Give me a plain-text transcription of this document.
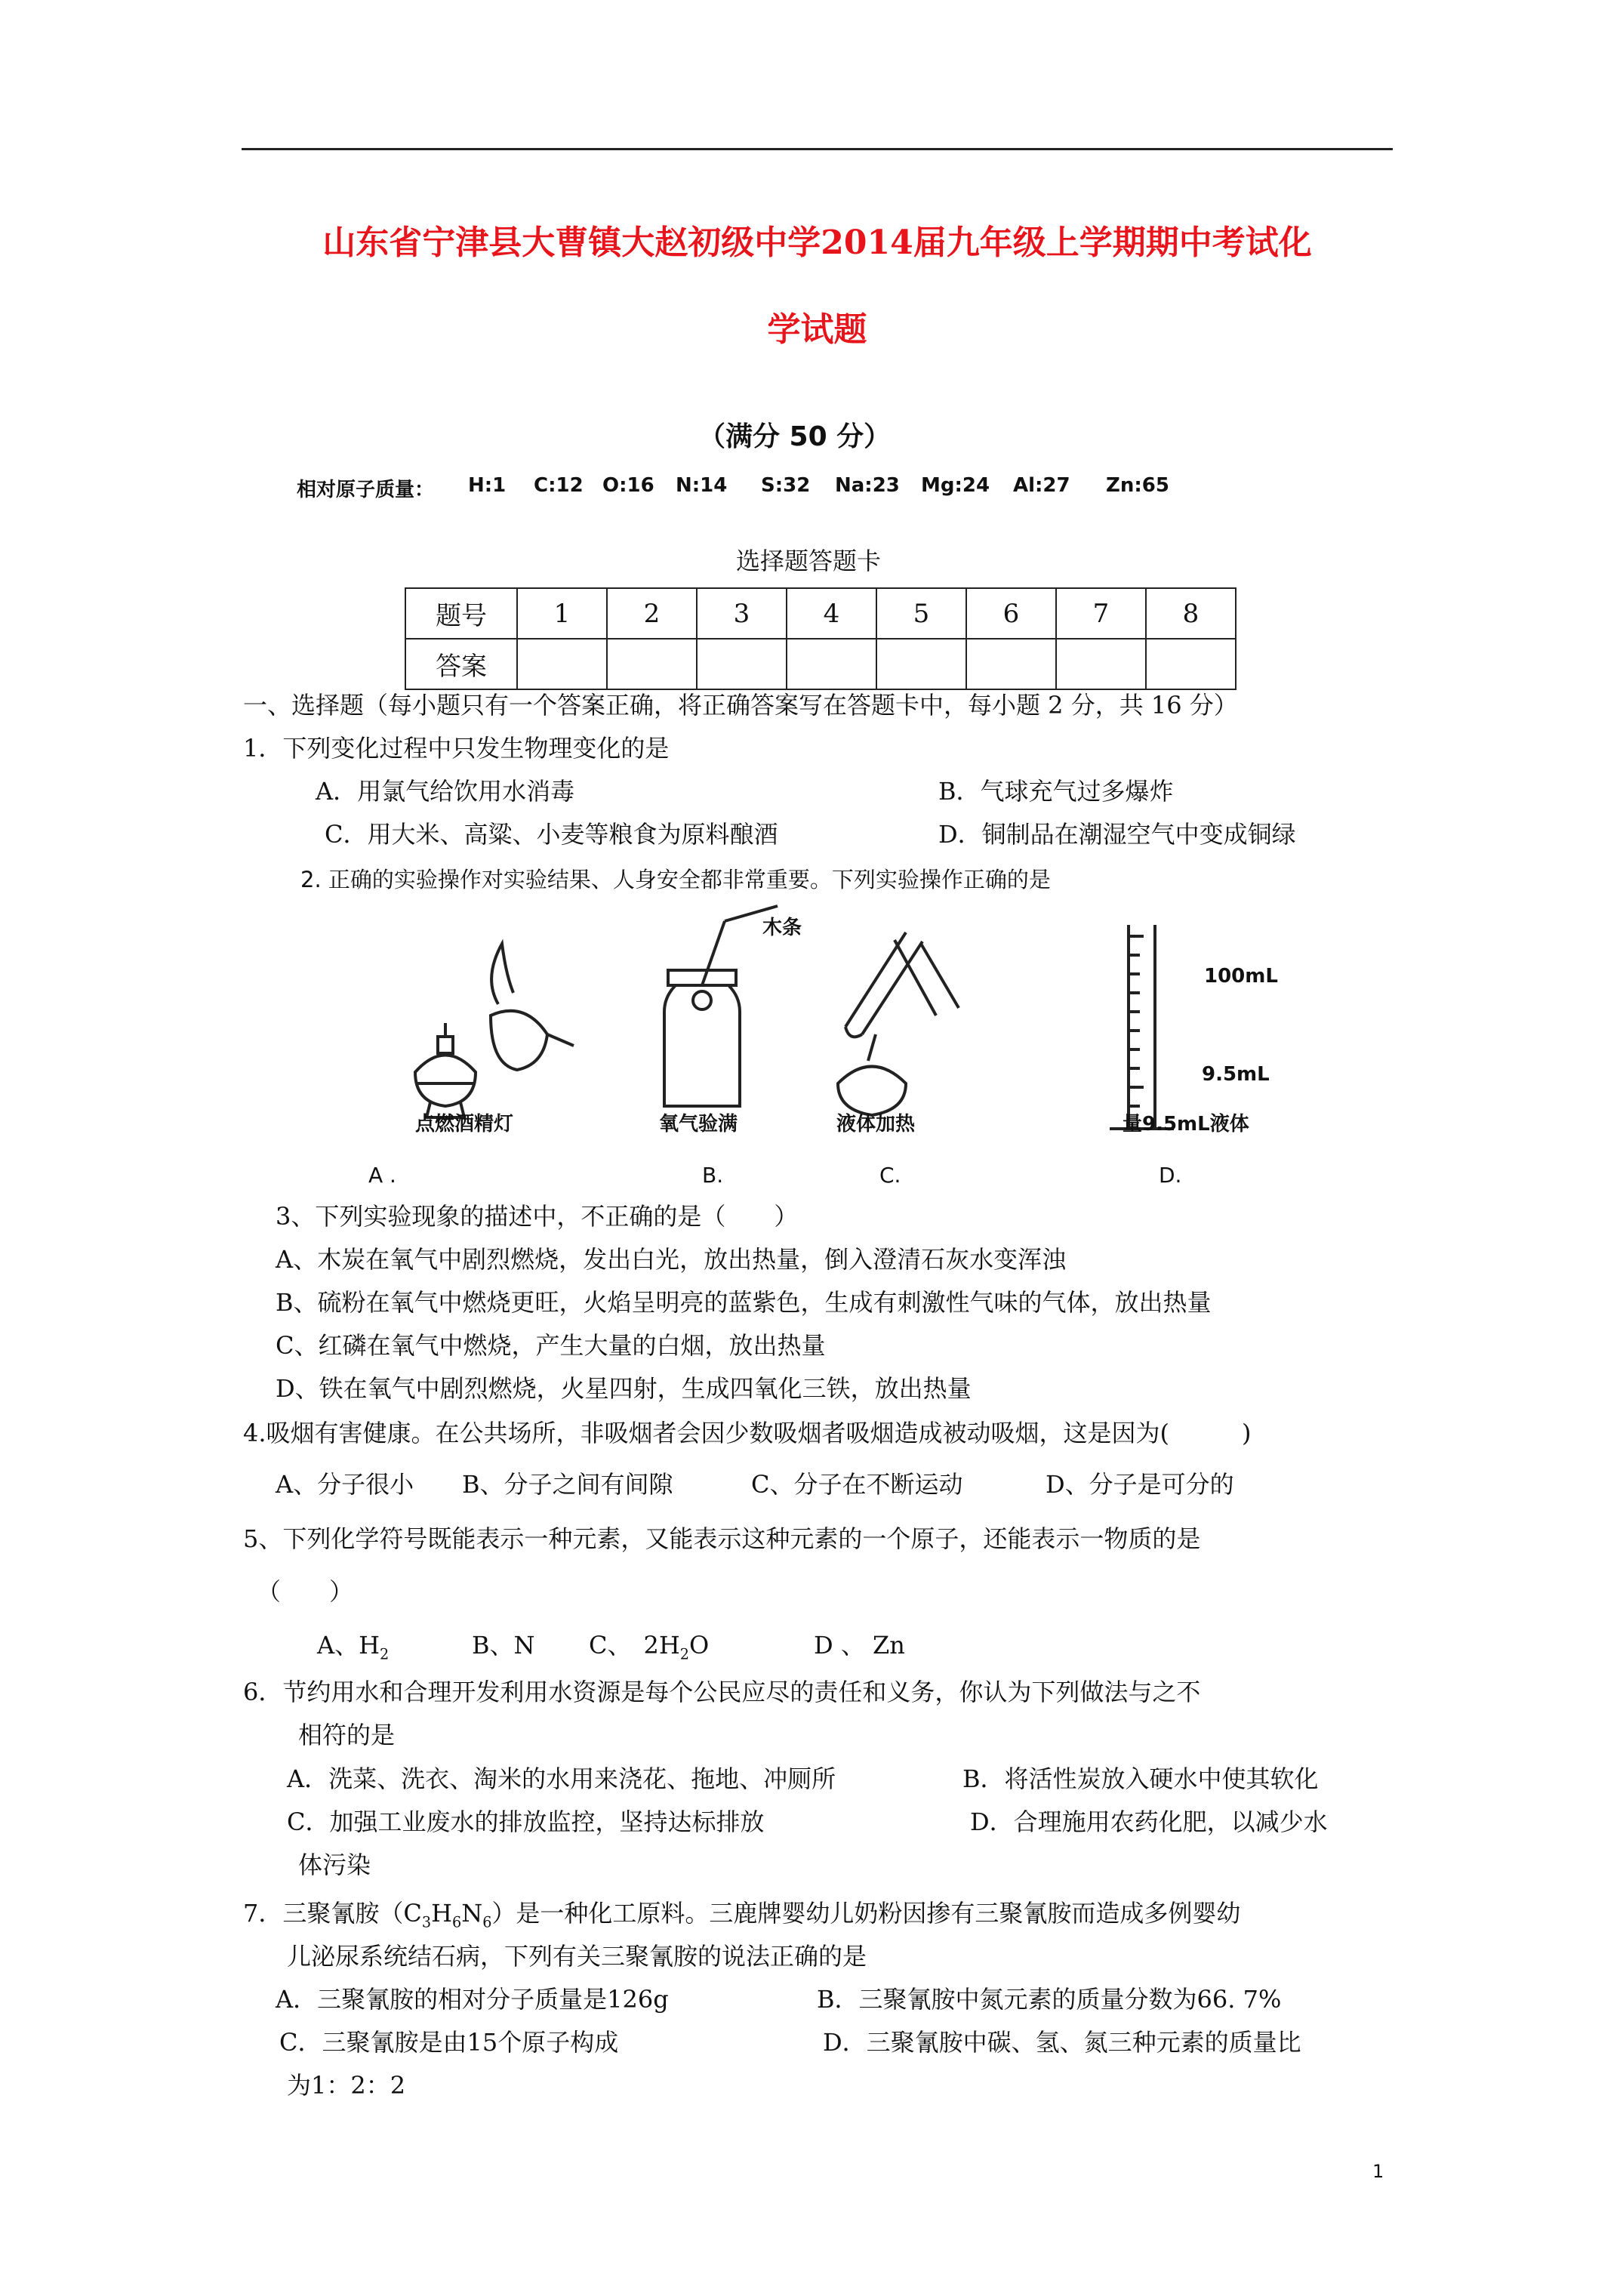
山东省宁津县大曹镇大赵初级中学2014届九年级上学期期中考试化
学试题
（满分 50 分）
相对原子质量： H:1 C:12 O:16 N:14 S:32 Na:23 Mg:24 Al:27 Zn:65
选择题答题卡
题号	1	2	3	4	5	6	7	8
答案								
一、选择题（每小题只有一个答案正确，将正确答案写在答题卡中，每小题 2 分，共 16 分）
1．下列变化过程中只发生物理变化的是
A．用氯气给饮用水消毒	B．气球充气过多爆炸
C．用大米、高粱、小麦等粮食为原料酿酒	D．铜制品在潮湿空气中变成铜绿
2. 正确的实验操作对实验结果、人身安全都非常重要。下列实验操作正确的是
木条
100mL
9.5mL
点燃酒精灯	氧气验满	液体加热	量9.5mL液体
A .	B.	C.	D.
3、下列实验现象的描述中，不正确的是（　　）
A、木炭在氧气中剧烈燃烧，发出白光，放出热量，倒入澄清石灰水变浑浊
B、硫粉在氧气中燃烧更旺，火焰呈明亮的蓝紫色，生成有刺激性气味的气体，放出热量
C、红磷在氧气中燃烧，产生大量的白烟，放出热量
D、铁在氧气中剧烈燃烧，火星四射，生成四氧化三铁，放出热量
4.吸烟有害健康。在公共场所，非吸烟者会因少数吸烟者吸烟造成被动吸烟，这是因为(　　　)
A、分子很小 B、分子之间有间隙	C、分子在不断运动	D、分子是可分的
5、下列化学符号既能表示一种元素，又能表示这种元素的一个原子，还能表示一物质的是
（　　）
A、$H_2$	B、N C、　$2H_2O$	D 、 Zn
6．节约用水和合理开发利用水资源是每个公民应尽的责任和义务，你认为下列做法与之不
相符的是
A．洗菜、洗衣、淘米的水用来浇花、拖地、冲厕所	B．将活性炭放入硬水中使其软化
C．加强工业废水的排放监控，坚持达标排放	D．合理施用农药化肥，以减少水
体污染
7．三聚氰胺$(C_3H_6N_6)$是一种化工原料。三鹿牌婴幼儿奶粉因掺有三聚氰胺而造成多例婴幼
儿泌尿系统结石病，下列有关三聚氰胺的说法正确的是
A．三聚氰胺的相对分子质量是126g	B．三聚氰胺中氮元素的质量分数为66. 7%
C．三聚氰胺是由15个原子构成	D．三聚氰胺中碳、氢、氮三种元素的质量比
为1：2：2
1
